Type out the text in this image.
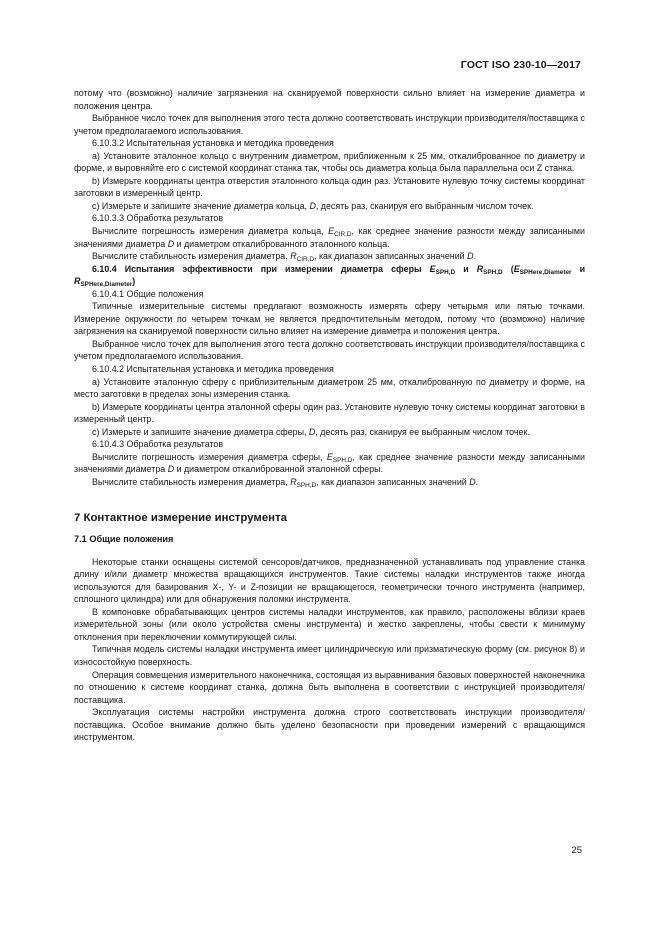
ГОСТ ISO 230-10—2017

потому что (возможно) наличие загрязнения на сканируемой поверхности сильно влияет на измерение диаметра и положения центра.

Выбранное число точек для выполнения этого теста должно соответствовать инструкции производителя/поставщика с учетом предполагаемого использования.

6.10.3.2 Испытательная установка и методика проведения

а) Установите эталонное кольцо с внутренним диаметром, приближенным к 25 мм, откалиброванное по диаметру и форме, и выровняйте его с системой координат станка так, чтобы ось диаметра кольца была параллельна оси Z станка.

b) Измерьте координаты центра отверстия эталонного кольца один раз. Установите нулевую точку системы координат заготовки в измеренный центр.

с) Измерьте и запишите значение диаметра кольца, D, десять раз, сканируя его выбранным числом точек.

6.10.3.3 Обработка результатов

Вычислите погрешность измерения диаметра кольца, $E_{CIR,D}$, как среднее значение разности между записанными значениями диаметра D и диаметром откалиброванного эталонного кольца.

Вычислите стабильность измерения диаметра, $R_{CIR,D}$, как диапазон записанных значений D.

6.10.4 Испытания эффективности при измерении диаметра сферы $E_{SPH,D}$ и $R_{SPH,D}$ ($E_{SPHere,Diameter}$ и $R_{SPHere,Diameter}$)

6.10.4.1 Общие положения

Типичные измерительные системы предлагают возможность измерять сферу четырьмя или пятью точками. Измерение окружности по четырем точкам не является предпочтительным методом, потому что (возможно) наличие загрязнения на сканируемой поверхности сильно влияет на измерение диаметра и положения центра.

Выбранное число точек для выполнения этого теста должно соответствовать инструкции производителя/поставщика с учетом предполагаемого использования.

6.10.4.2 Испытательная установка и методика проведения

а) Установите эталонную сферу с приблизительным диаметром 25 мм, откалиброванную по диаметру и форме, на место заготовки в пределах зоны измерения станка.

b) Измерьте координаты центра эталонной сферы один раз. Установите нулевую точку системы координат заготовки в измеренный центр.

с) Измерьте и запишите значение диаметра сферы, D, десять раз, сканируя ее выбранным числом точек.

6.10.4.3 Обработка результатов

Вычислите погрешность измерения диаметра сферы, $E_{SPH,D}$, как среднее значение разности между записанными значениями диаметра D и диаметром откалиброванной эталонной сферы.

Вычислите стабильность измерения диаметра, $R_{SPH,D}$, как диапазон записанных значений D.

7 Контактное измерение инструмента

7.1 Общие положения

Некоторые станки оснащены системой сенсоров/датчиков, предназначенной устанавливать под управление станка длину и/или диаметр множества вращающихся инструментов. Такие системы наладки инструментов также иногда используются для базирования X-, Y- и Z-позиции не вращающегося, геометрически точного инструмента (например, сплошного цилиндра) или для обнаружения поломки инструмента.

В компоновке обрабатывающих центров системы наладки инструментов, как правило, расположены вблизи краев измерительной зоны (или около устройства смены инструмента) и жестко закреплены, чтобы свести к минимуму отклонения при переключении коммутирующей силы.

Типичная модель системы наладки инструмента имеет цилиндрическую или призматическую форму (см. рисунок 8) и износостойкую поверхность.

Операция совмещения измерительного наконечника, состоящая из выравнивания базовых поверхностей наконечника по отношению к системе координат станка, должна быть выполнена в соответствии с инструкцией производителя/поставщика.

Эксплуатация системы настройки инструмента должна строго соответствовать инструкции производителя/поставщика. Особое внимание должно быть уделено безопасности при проведении измерений с вращающимся инструментом.

25
